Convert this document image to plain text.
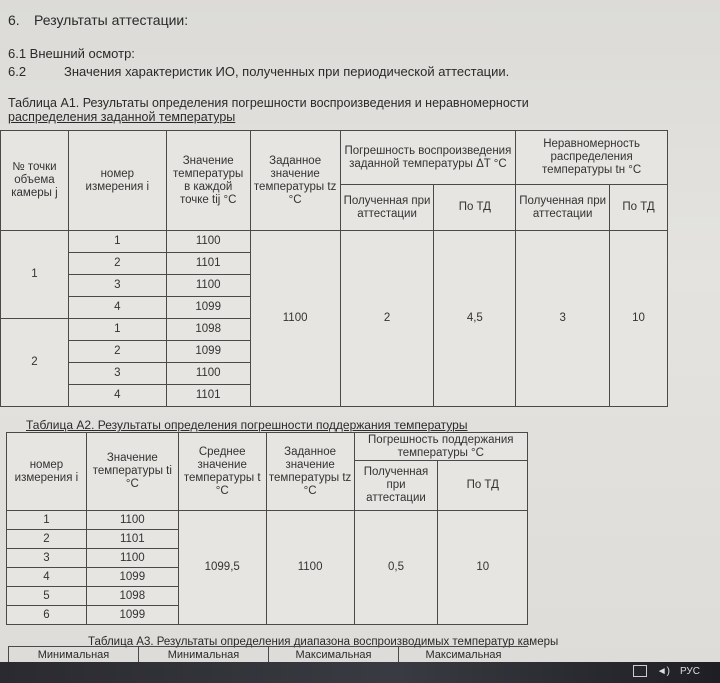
6. Результаты аттестации:
6.1 Внешний осмотр:
6.2	Значения характеристик ИО, полученных при периодической аттестации.
Таблица А1. Результаты определения погрешности воспроизведения и неравномерности
распределения заданной температуры
№ точки объема камеры j	номер измерения i	Значение температуры в каждой точке tij °С	Заданное значение температуры tz °С	Погрешность воспроизведения заданной температуры ΔT °С		Неравномерность распределения температуры tн °С	
				Полученная при аттестации	По ТД	Полученная при аттестации	По ТД
1	1	1100	1100	2	4,5	3	10
	2	1101					
	3	1100					
	4	1099					
2	1	1098					
	2	1099					
	3	1100					
	4	1101					
Таблица А2. Результаты определения погрешности поддержания температуры
номер измерения i	Значение температуры ti °С	Среднее значение температуры t °С	Заданное значение температуры tz °С	Погрешность поддержания температуры °С	
				Полученная при аттестации	По ТД
1	1100	1099,5	1100	0,5	10
2	1101				
3	1100				
4	1099				
5	1098				
6	1099				
Таблица А3. Результаты определения диапазона воспроизводимых температур камеры
Минимальная	Минимальная	Максимальная	Максимальная
◄) РУС
